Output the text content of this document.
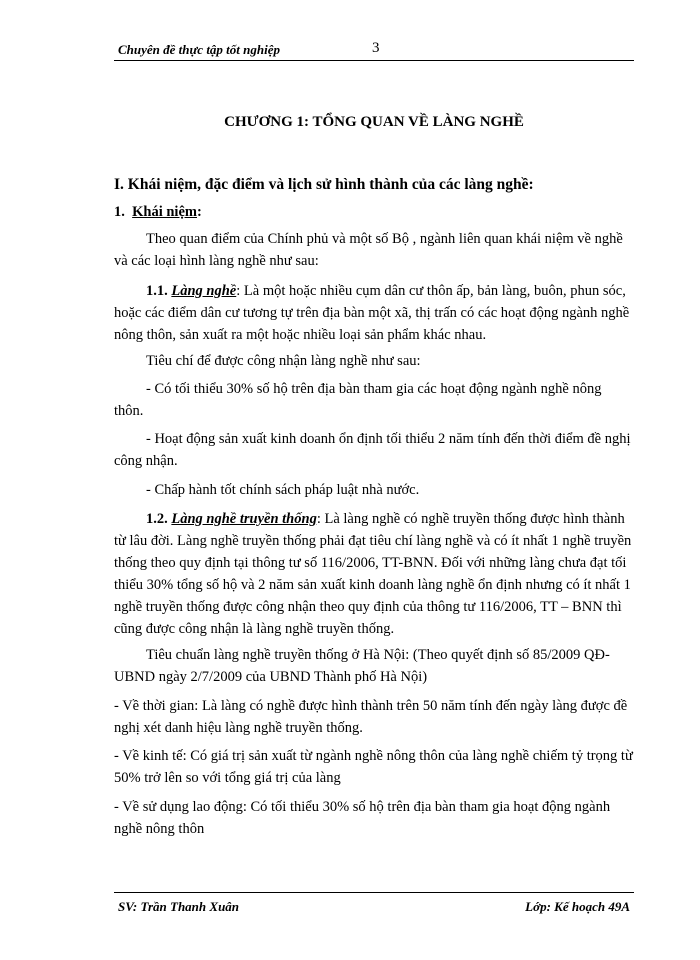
Chuyên đề thực tập tốt nghiệp	3
CHƯƠNG 1: TỔNG QUAN VỀ LÀNG NGHỀ
I. Khái niệm, đặc điểm và lịch sử hình thành của các làng nghề:
1. Khái niệm:
Theo quan điểm của Chính phủ và một số Bộ , ngành liên quan khái niệm về nghề và các loại hình làng nghề như sau:
1.1. Làng nghề: Là một hoặc nhiều cụm dân cư thôn ấp, bản làng, buôn, phun sóc, hoặc các điểm dân cư tương tự trên địa bàn một xã, thị trấn có các hoạt động ngành nghề nông thôn, sản xuất ra một hoặc nhiều loại sản phẩm khác nhau.
Tiêu chí để được công nhận làng nghề như sau:
- Có tối thiểu 30% số hộ trên địa bàn tham gia các hoạt động ngành nghề nông thôn.
- Hoạt động sản xuất kinh doanh ổn định tối thiểu 2 năm tính đến thời điểm đề nghị công nhận.
- Chấp hành tốt chính sách pháp luật nhà nước.
1.2. Làng nghề truyền thống: Là làng nghề có nghề truyền thống được hình thành từ lâu đời. Làng nghề truyền thống phải đạt tiêu chí làng nghề và có ít nhất 1 nghề truyền thống theo quy định tại thông tư số 116/2006, TT-BNN. Đối với những làng chưa đạt tối thiểu 30% tổng số hộ và 2 năm sản xuất kinh doanh làng nghề ổn định nhưng có ít nhất 1 nghề truyền thống được công nhận theo quy định của thông tư 116/2006, TT – BNN thì cũng được công nhận là làng nghề truyền thống.
Tiêu chuẩn làng nghề truyền thống ở Hà Nội: (Theo quyết định số 85/2009 QĐ-UBND ngày 2/7/2009 của UBND Thành phố Hà Nội)
- Về thời gian: Là làng có nghề được hình thành trên 50 năm tính đến ngày làng được đề nghị xét danh hiệu làng nghề truyền thống.
- Về kinh tế: Có giá trị sản xuất từ ngành nghề nông thôn của làng nghề chiếm tỷ trọng từ 50% trở lên so với tổng giá trị của làng
- Về sử dụng lao động: Có tối thiểu 30% số hộ trên địa bàn tham gia hoạt động ngành nghề nông thôn
SV: Trần Thanh Xuân	Lớp: Kế hoạch 49A
